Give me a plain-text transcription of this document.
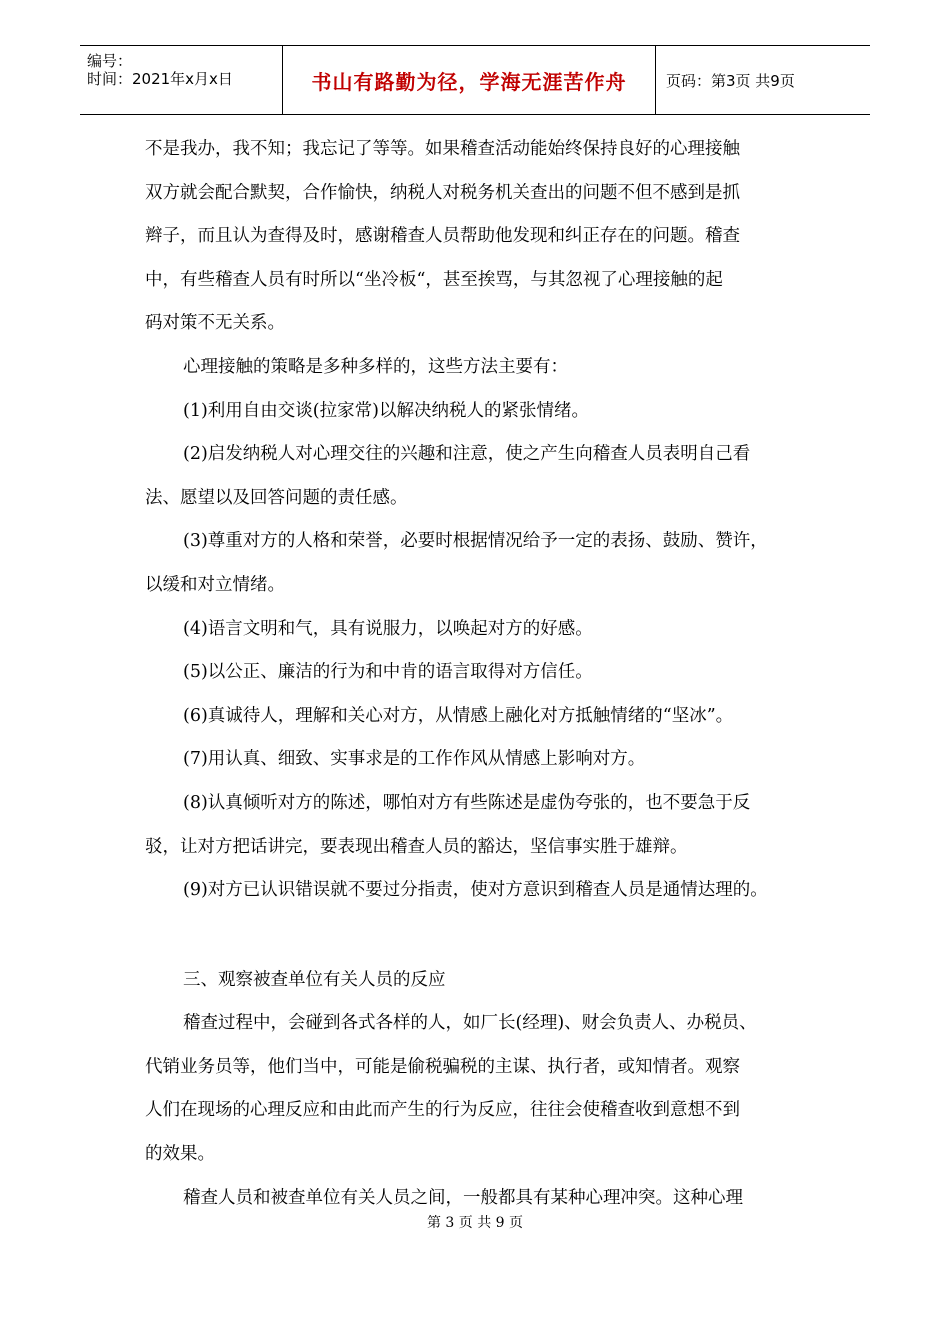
编号：
时间：2021年x月x日	书山有路勤为径，学海无涯苦作舟	页码：第3页 共9页
不是我办，我不知；我忘记了等等。如果稽查活动能始终保持良好的心理接触
双方就会配合默契，合作愉快，纳税人对税务机关查出的问题不但不感到是抓
辫子，而且认为查得及时，感谢稽查人员帮助他发现和纠正存在的问题。稽查
中，有些稽查人员有时所以“坐冷板“，甚至挨骂，与其忽视了心理接触的起
码对策不无关系。
心理接触的策略是多种多样的，这些方法主要有：
(1)利用自由交谈(拉家常)以解决纳税人的紧张情绪。
(2)启发纳税人对心理交往的兴趣和注意，使之产生向稽查人员表明自己看
法、愿望以及回答问题的责任感。
(3)尊重对方的人格和荣誉，必要时根据情况给予一定的表扬、鼓励、赞许，
以缓和对立情绪。
(4)语言文明和气，具有说服力，以唤起对方的好感。
(5)以公正、廉洁的行为和中肯的语言取得对方信任。
(6)真诚待人，理解和关心对方，从情感上融化对方抵触情绪的“坚冰”。
(7)用认真、细致、实事求是的工作作风从情感上影响对方。
(8)认真倾听对方的陈述，哪怕对方有些陈述是虚伪夸张的，也不要急于反
驳，让对方把话讲完，要表现出稽查人员的豁达，坚信事实胜于雄辩。
(9)对方已认识错误就不要过分指责，使对方意识到稽查人员是通情达理的。
三、观察被查单位有关人员的反应
稽查过程中，会碰到各式各样的人，如厂长(经理)、财会负责人、办税员、
代销业务员等，他们当中，可能是偷税骗税的主谋、执行者，或知情者。观察
人们在现场的心理反应和由此而产生的行为反应，往往会使稽查收到意想不到
的效果。
稽查人员和被查单位有关人员之间，一般都具有某种心理冲突。这种心理
第 3 页 共 9 页
